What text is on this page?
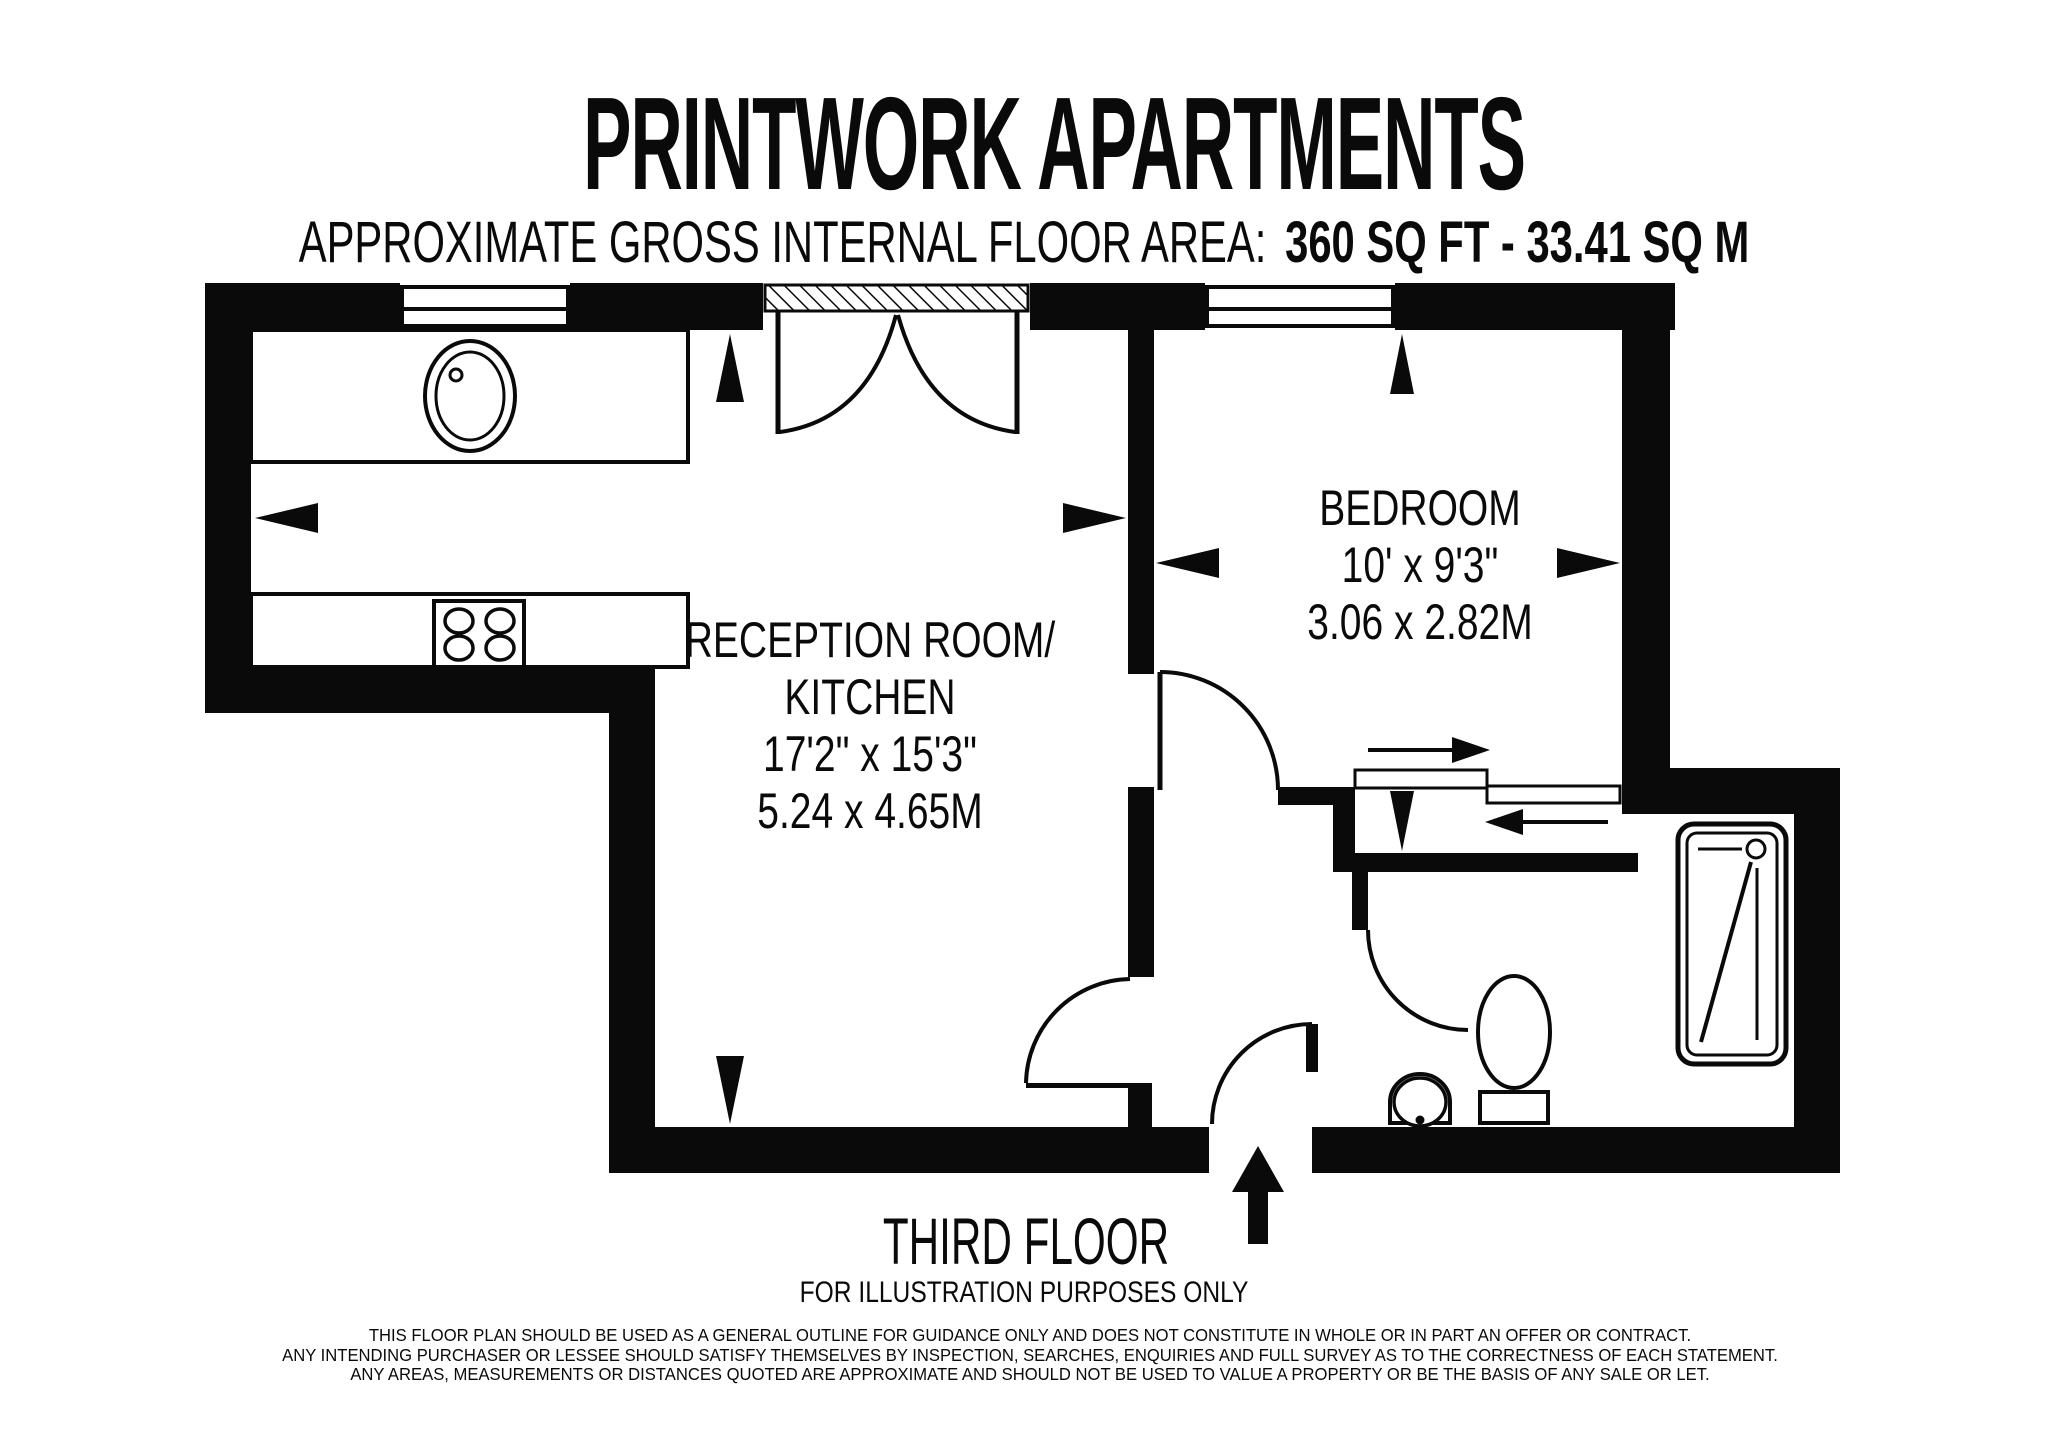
PRINTWORK APARTMENTS
APPROXIMATE GROSS INTERNAL FLOOR AREA: 360 SQ FT - 33.41 SQ M
RECEPTION ROOM/
KITCHEN
17'2" x 15'3"
5.24 x 4.65M
BEDROOM
10' x 9'3"
3.06 x 2.82M
THIRD FLOOR
FOR ILLUSTRATION PURPOSES ONLY
THIS FLOOR PLAN SHOULD BE USED AS A GENERAL OUTLINE FOR GUIDANCE ONLY AND DOES NOT CONSTITUTE IN WHOLE OR IN PART AN OFFER OR CONTRACT.
ANY INTENDING PURCHASER OR LESSEE SHOULD SATISFY THEMSELVES BY INSPECTION, SEARCHES, ENQUIRIES AND FULL SURVEY AS TO THE CORRECTNESS OF EACH STATEMENT.
ANY AREAS, MEASUREMENTS OR DISTANCES QUOTED ARE APPROXIMATE AND SHOULD NOT BE USED TO VALUE A PROPERTY OR BE THE BASIS OF ANY SALE OR LET.
